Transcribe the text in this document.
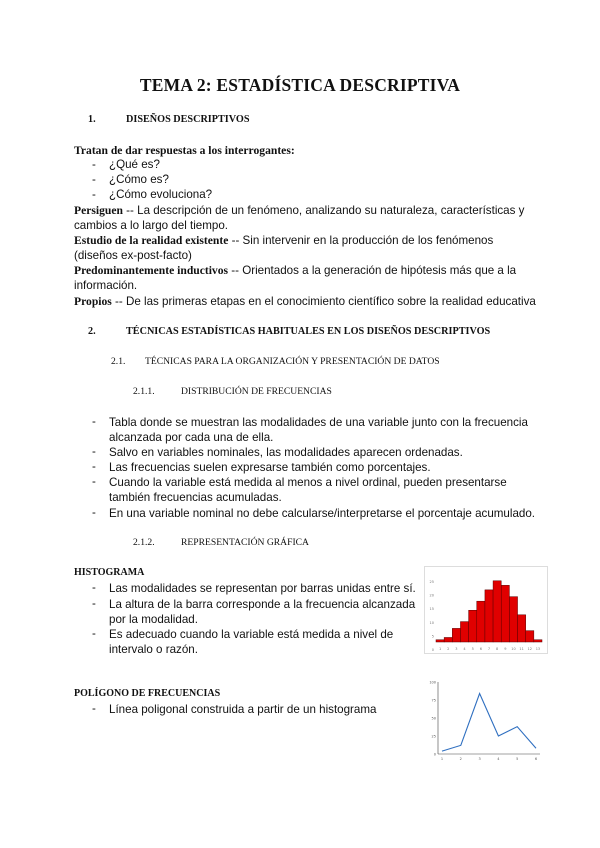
TEMA 2: ESTADÍSTICA DESCRIPTIVA
1.	DISEÑOS DESCRIPTIVOS
Tratan de dar respuestas a los interrogantes:
- ¿Qué es?
- ¿Cómo es?
- ¿Cómo evoluciona?
Persiguen -- La descripción de un fenómeno, analizando su naturaleza, características y
cambios a lo largo del tiempo.
Estudio de la realidad existente -- Sin intervenir en la producción de los fenómenos
(diseños ex-post-facto)
Predominantemente inductivos -- Orientados a la generación de hipótesis más que a la
información.
Propios -- De las primeras etapas en el conocimiento científico sobre la realidad educativa
2.	TÉCNICAS ESTADÍSTICAS HABITUALES EN LOS DISEÑOS DESCRIPTIVOS
2.1. TÉCNICAS PARA LA ORGANIZACIÓN Y PRESENTACIÓN DE DATOS
2.1.1.	DISTRIBUCIÓN DE FRECUENCIAS
- Tabla donde se muestran las modalidades de una variable junto con la frecuencia
alcanzada por cada una de ella.
- Salvo en variables nominales, las modalidades aparecen ordenadas.
- Las frecuencias suelen expresarse también como porcentajes.
- Cuando la variable está medida al menos a nivel ordinal, pueden presentarse
también frecuencias acumuladas.
- En una variable nominal no debe calcularse/interpretarse el porcentaje acumulado.
2.1.2.	REPRESENTACIÓN GRÁFICA
HISTOGRAMA
- Las modalidades se representan por barras unidas entre sí.
- La altura de la barra corresponde a la frecuencia alcanzada
por la modalidad.
- Es adecuado cuando la variable está medida a nivel de
intervalo o razón.
25
20
15
10
5
0 1 2 3 4 5 6 7 8 9 10 11 12 13
POLÍGONO DE FRECUENCIAS
- Línea poligonal construida a partir de un histograma
100
75
50
25
0
1	2	3	4	5	6
